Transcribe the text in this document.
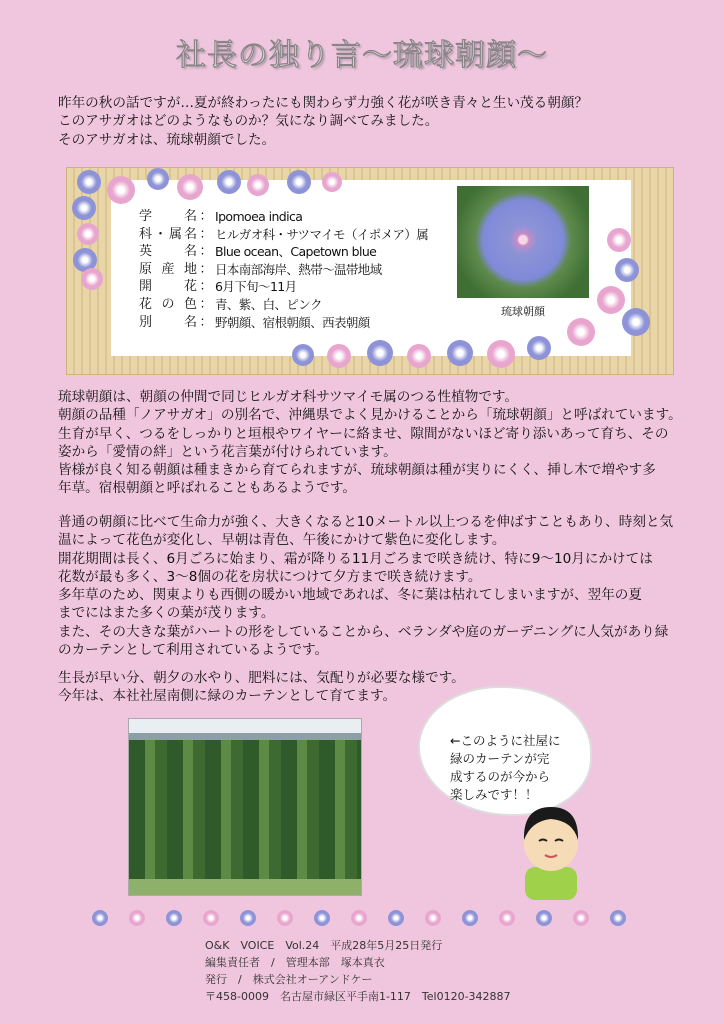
社長の独り言～琉球朝顔～
昨年の秋の話ですが…夏が終わったにも関わらず力強く花が咲き青々と生い茂る朝顔？
このアサガオはどのようなものか？気になり調べてみました。
そのアサガオは、琉球朝顔でした。
学　名 ： Ipomoea indica
科・属名 ： ヒルガオ科・サツマイモ（イポメア）属
英　名 ： Blue ocean、Capetown blue
原産地 ： 日本南部海岸、熱帯～温帯地域
開　花 ： 6月下旬～11月
花の色 ： 青、紫、白、ピンク
別　名 ： 野朝顔、宿根朝顔、西表朝顔
琉球朝顔
琉球朝顔は、朝顔の仲間で同じヒルガオ科サツマイモ属のつる性植物です。
朝顔の品種「ノアサガオ」の別名で、沖縄県でよく見かけることから「琉球朝顔」と呼ばれています。
生育が早く、つるをしっかりと垣根やワイヤーに絡ませ、隙間がないほど寄り添いあって育ち、その
姿から「愛情の絆」という花言葉が付けられています。
皆様が良く知る朝顔は種まきから育てられますが、琉球朝顔は種が実りにくく、挿し木で増やす多
年草。宿根朝顔と呼ばれることもあるようです。
普通の朝顔に比べて生命力が強く、大きくなると10メートル以上つるを伸ばすこともあり、時刻と気
温によって花色が変化し、早朝は青色、午後にかけて紫色に変化します。
開花期間は長く、6月ごろに始まり、霜が降りる11月ごろまで咲き続け、特に9～10月にかけては
花数が最も多く、3～8個の花を房状につけて夕方まで咲き続けます。
多年草のため、関東よりも西側の暖かい地域であれば、冬に葉は枯れてしまいますが、翌年の夏
までにはまた多くの葉が茂ります。
また、その大きな葉がハートの形をしていることから、ベランダや庭のガーデニングに人気があり緑
のカーテンとして利用されているようです。
生長が早い分、朝夕の水やり、肥料には、気配りが必要な様です。
今年は、本社社屋南側に緑のカーテンとして育てます。
←このように社屋に
緑のカーテンが完
成するのが今から
楽しみです！！
O&K　VOICE　Vol.24　平成28年5月25日発行
編集責任者　/　管理本部　塚本真衣
発行　/　株式会社オーアンドケー
〒458-0009　名古屋市緑区平手南1-117　Tel0120-342887
